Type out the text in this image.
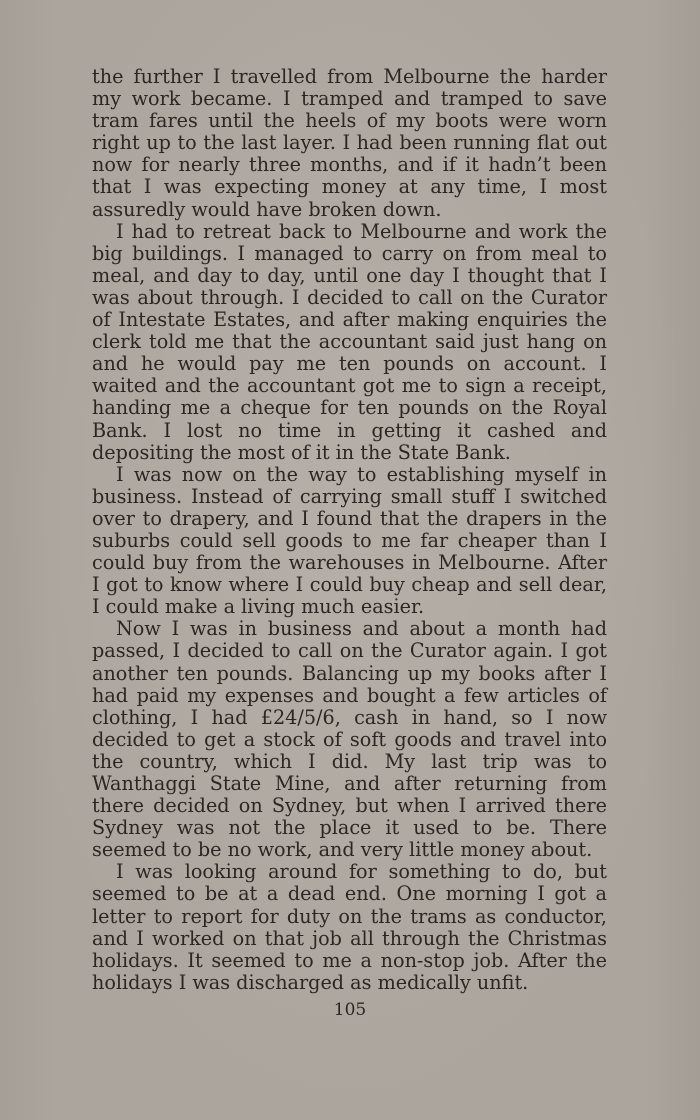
the further I travelled from Melbourne the harder my work became. I tramped and tramped to save tram fares until the heels of my boots were worn right up to the last layer. I had been running flat out now for nearly three months, and if it hadn’t been that I was expecting money at any time, I most assuredly would have broken down.

I had to retreat back to Melbourne and work the big buildings. I managed to carry on from meal to meal, and day to day, until one day I thought that I was about through. I decided to call on the Curator of Intestate Estates, and after making enquiries the clerk told me that the accountant said just hang on and he would pay me ten pounds on account. I waited and the accountant got me to sign a receipt, handing me a cheque for ten pounds on the Royal Bank. I lost no time in getting it cashed and depositing the most of it in the State Bank.

I was now on the way to establishing myself in business. Instead of carrying small stuff I switched over to drapery, and I found that the drapers in the suburbs could sell goods to me far cheaper than I could buy from the warehouses in Melbourne. After I got to know where I could buy cheap and sell dear, I could make a living much easier.

Now I was in business and about a month had passed, I decided to call on the Curator again. I got another ten pounds. Balancing up my books after I had paid my expenses and bought a few articles of clothing, I had £24/5/6, cash in hand, so I now decided to get a stock of soft goods and travel into the country, which I did. My last trip was to Wanthaggi State Mine, and after returning from there decided on Sydney, but when I arrived there Sydney was not the place it used to be. There seemed to be no work, and very little money about.

I was looking around for something to do, but seemed to be at a dead end. One morning I got a letter to report for duty on the trams as conductor, and I worked on that job all through the Christmas holidays. It seemed to me a non-stop job. After the holidays I was discharged as medically unfit.

105
